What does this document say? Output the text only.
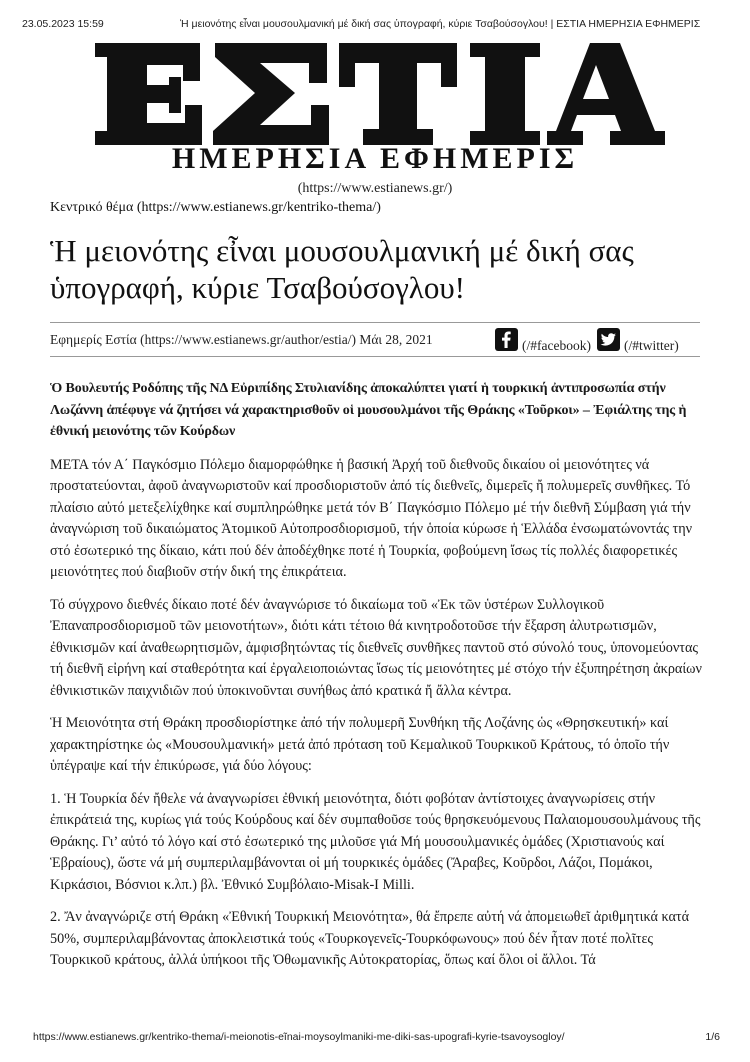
23.05.2023 15:59	Ἡ μειονότης εἶναι μουσουλμανική μέ δική σας ὑπογραφή, κύριε Τσαβούσογλου! | ΕΣΤΙΑ ΗΜΕΡΗΣΙΑ ΕΦΗΜΕΡΙΣ
ΗΜΕΡΗΣΙΑ ΕΦΗΜΕΡΙΣ
(https://www.estianews.gr/)
Κεντρικό θέμα (https://www.estianews.gr/kentriko-thema/)
Ἡ μειονότης εἶναι μουσουλμανική μέ δική σας
ὑπογραφή, κύριε Τσαβούσογλου!
Εφημερίς Εστία (https://www.estianews.gr/author/estia/) Μάι 28, 2021	(/#facebook) (/#twitter)

Ὁ Βουλευτής Ροδόπης τῆς ΝΔ Εὐριπίδης Στυλιανίδης ἀποκαλύπτει γιατί ἡ τουρκική ἀντιπροσωπία στήν Λωζάννη ἀπέφυγε νά ζητήσει νά χαρακτηρισθοῦν οἱ μουσουλμάνοι τῆς Θράκης «Τοῦρκοι» – Ἐφιάλτης της ἡ ἐθνική μειονότης τῶν Κούρδων

ΜΕΤΑ τόν Α΄ Παγκόσμιο Πόλεμο διαμορφώθηκε ἡ βασική Ἀρχή τοῦ διεθνοῦς δικαίου οἱ μειονότητες νά προστατεύονται, ἀφοῦ ἀναγνωριστοῦν καί προσδιοριστοῦν ἀπό τίς διεθνεῖς, διμερεῖς ἤ πολυμερεῖς συνθῆκες. Τό πλαίσιο αὐτό μετεξελίχθηκε καί συμπληρώθηκε μετά τόν Β΄ Παγκόσμιο Πόλεμο μέ τήν διεθνῆ Σύμβαση γιά τήν ἀναγνώριση τοῦ δικαιώματος Ἀτομικοῦ Αὐτοπροσδιορισμοῦ, τήν ὁποία κύρωσε ἡ Ἑλλάδα ἐνσωματώνοντάς την στό ἐσωτερικό της δίκαιο, κάτι πού δέν ἀποδέχθηκε ποτέ ἡ Τουρκία, φοβούμενη ἴσως τίς πολλές διαφορετικές μειονότητες πού διαβιοῦν στήν δική της ἐπικράτεια.

Τό σύγχρονο διεθνές δίκαιο ποτέ δέν ἀναγνώρισε τό δικαίωμα τοῦ «Ἐκ τῶν ὑστέρων Συλλογικοῦ Ἐπαναπροσδιορισμοῦ τῶν μειονοτήτων», διότι κάτι τέτοιο θά κινητροδοτοῦσε τήν ἔξαρση ἀλυτρωτισμῶν, ἐθνικισμῶν καί ἀναθεωρητισμῶν, ἀμφισβητώντας τίς διεθνεῖς συνθῆκες παντοῦ στό σύνολό τους, ὑπονομεύοντας τή διεθνῆ εἰρήνη καί σταθερότητα καί ἐργαλειοποιώντας ἴσως τίς μειονότητες μέ στόχο τήν ἐξυπηρέτηση ἀκραίων ἐθνικιστικῶν παιχνιδιῶν πού ὑποκινοῦνται συνήθως ἀπό κρατικά ἤ ἄλλα κέντρα.

Ἡ Μειονότητα στή Θράκη προσδιορίστηκε ἀπό τήν πολυμερῆ Συνθήκη τῆς Λοζάνης ὡς «Θρησκευτική» καί χαρακτηρίστηκε ὡς «Μουσουλμανική» μετά ἀπό πρόταση τοῦ Κεμαλικοῦ Τουρκικοῦ Κράτους, τό ὁποῖο τήν ὑπέγραψε καί τήν ἐπικύρωσε, γιά δύο λόγους:

1. Ἡ Τουρκία δέν ἤθελε νά ἀναγνωρίσει ἐθνική μειονότητα, διότι φοβόταν ἀντίστοιχες ἀναγνωρίσεις στήν ἐπικράτειά της, κυρίως γιά τούς Κούρδους καί δέν συμπαθοῦσε τούς θρησκευόμενους Παλαιομουσουλμάνους τῆς Θράκης. Γι’ αὐτό τό λόγο καί στό ἐσωτερικό της μιλοῦσε γιά Μή μουσουλμανικές ὁμάδες (Χριστιανούς καί Ἑβραίους), ὥστε νά μή συμπεριλαμβάνονται οἱ μή τουρκικές ὁμάδες (Ἄραβες, Κοῦρδοι, Λάζοι, Πομάκοι, Κιρκάσιοι, Βόσνιοι κ.λπ.) βλ. Ἐθνικό Συμβόλαιο-Misak-I Milli.

2. Ἄν ἀναγνώριζε στή Θράκη «Ἐθνική Τουρκική Μειονότητα», θά ἔπρεπε αὐτή νά ἀπομειωθεῖ ἀριθμητικά κατά 50%, συμπεριλαμβάνοντας ἀποκλειστικά τούς «Τουρκογενεῖς-Τουρκόφωνους» πού δέν ἦταν ποτέ πολῖτες Τουρκικοῦ κράτους, ἀλλά ὑπήκοοι τῆς Ὀθωμανικῆς Αὐτοκρατορίας, ὅπως καί ὅλοι οἱ ἄλλοι. Τά

https://www.estianews.gr/kentriko-thema/i-meionotis-eĩnai-moysoylmaniki-me-diki-sas-upografi-kyrie-tsavoysogloy/	1/6
